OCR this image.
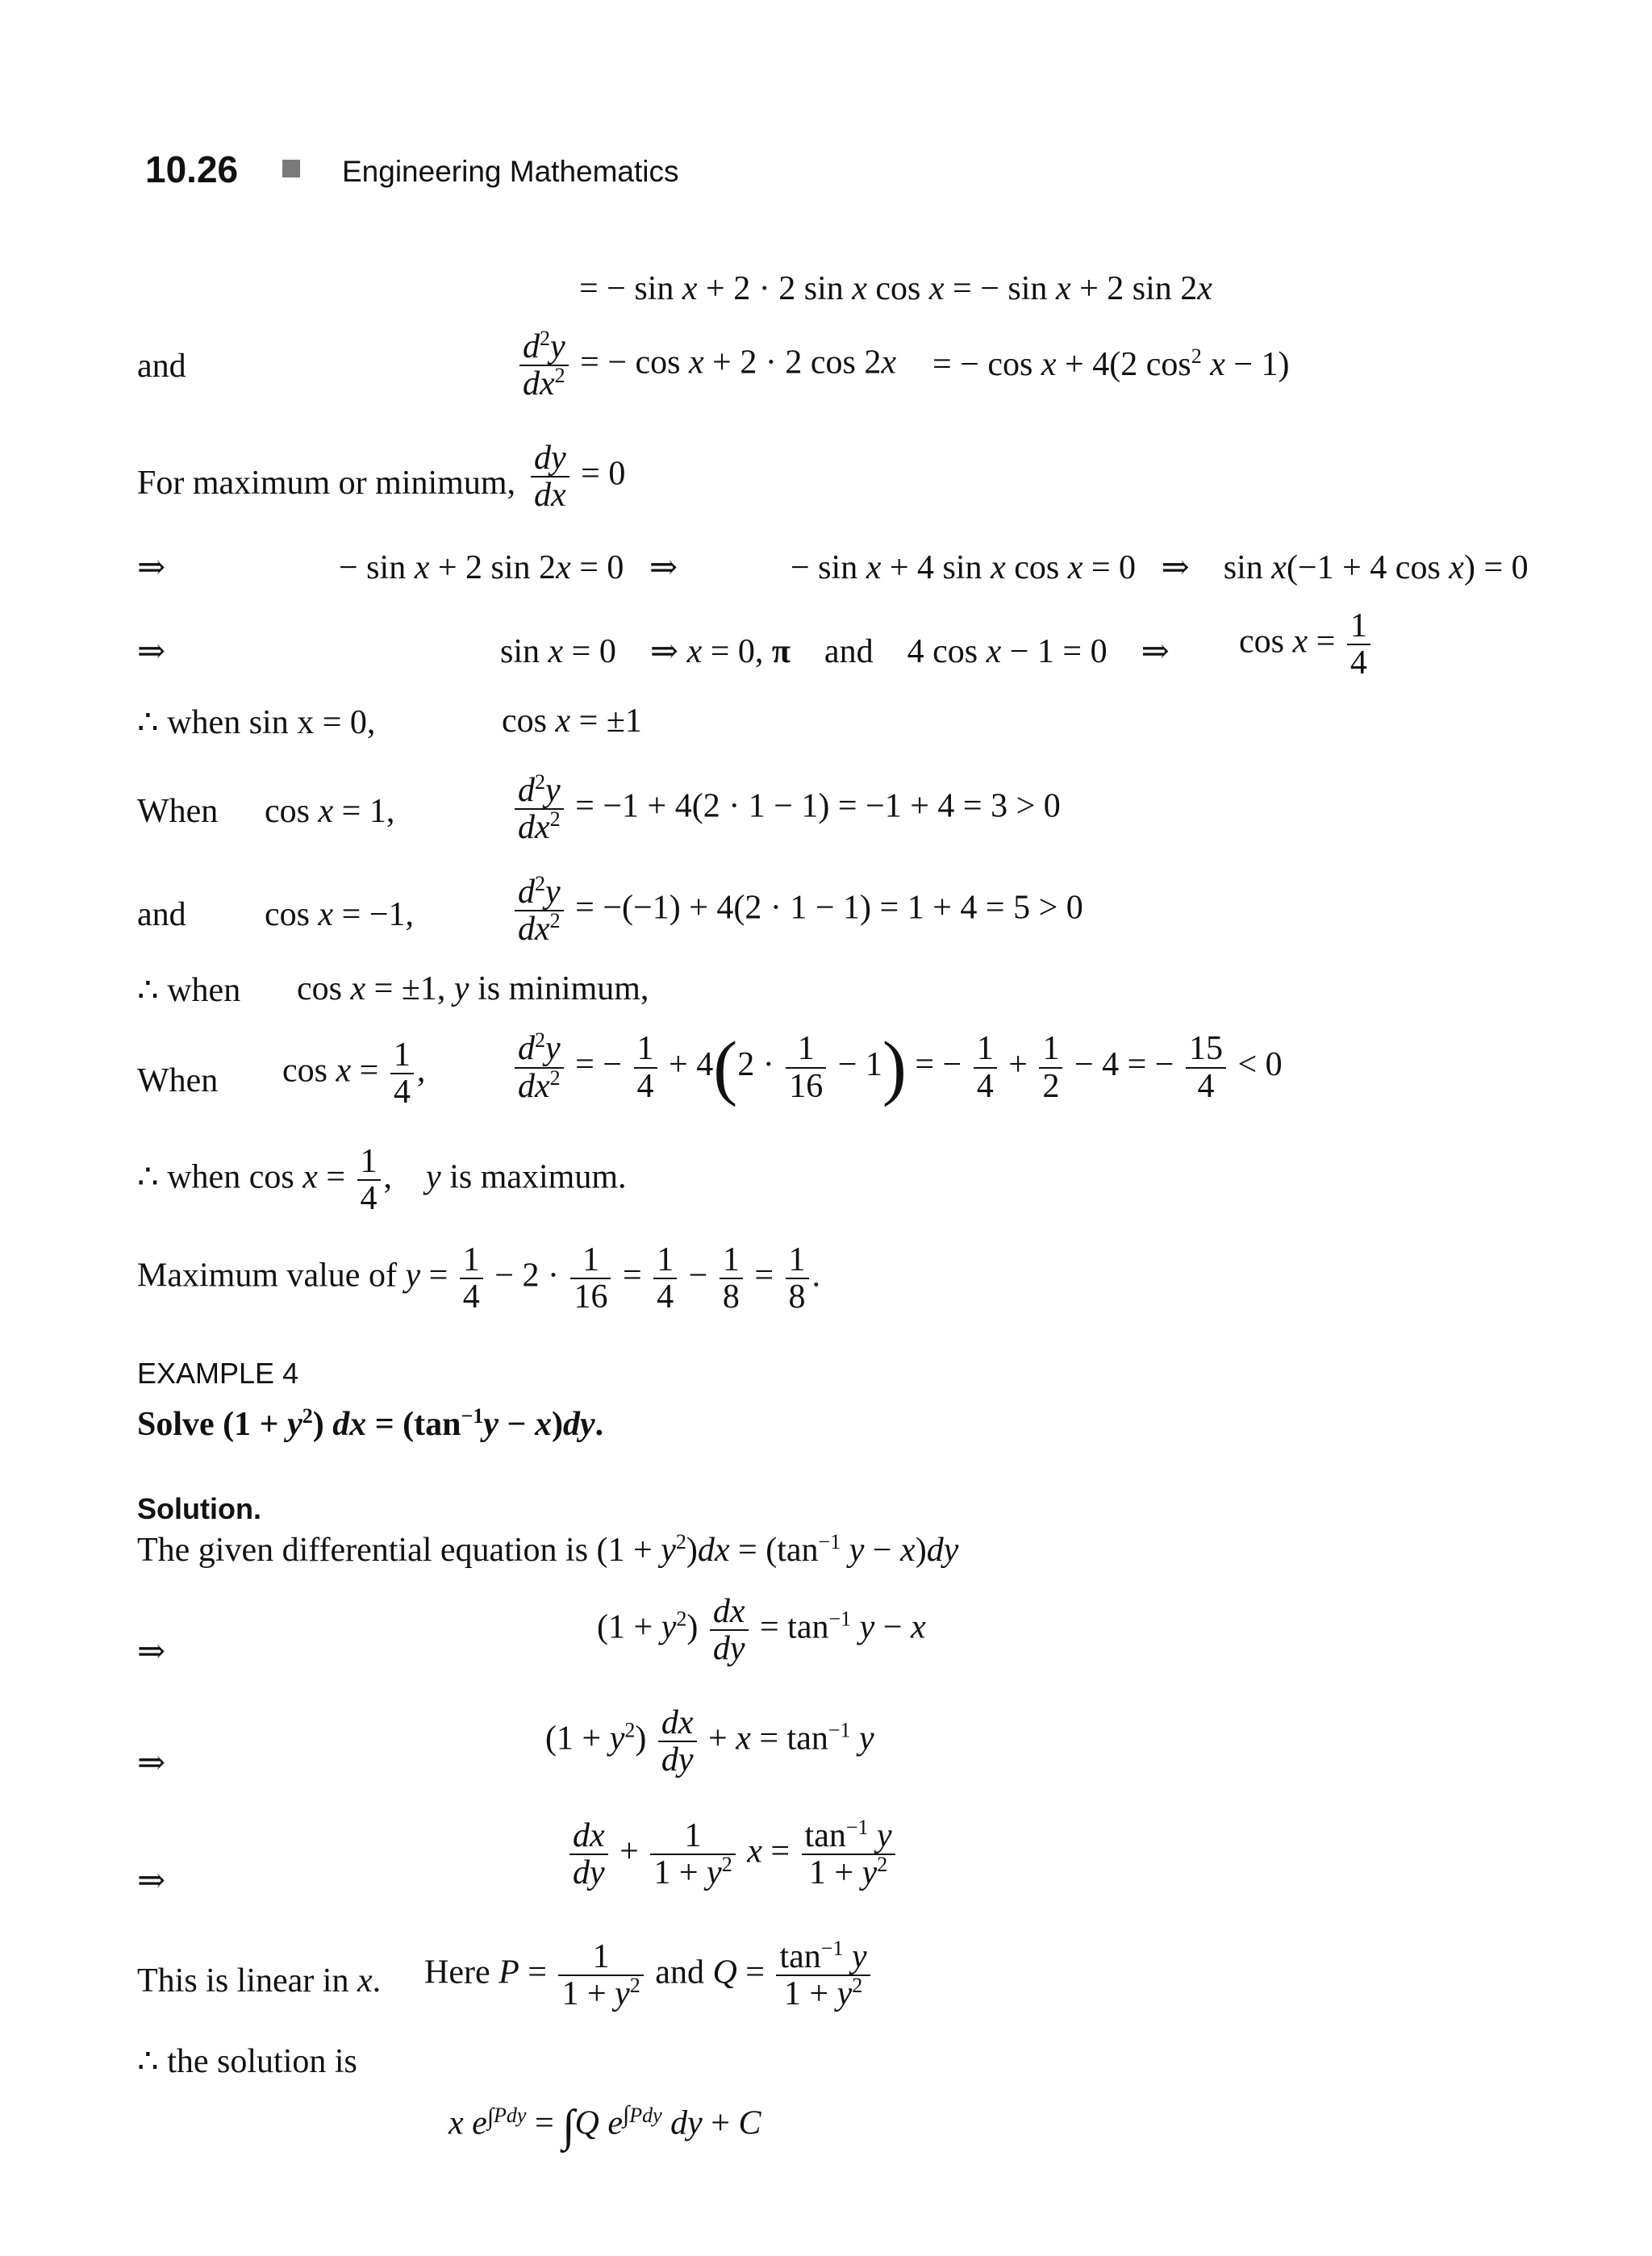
10.26	Engineering Mathematics
= − sin x + 2 · 2 sin x cos x = − sin x + 2 sin 2x
and	$\frac{d^2y}{dx^2}$ = − cos x + 2 · 2 cos 2x = − cos x + 4(2 $\cos^2 x - 1$)
For maximum or minimum, $\frac{dy}{dx} = 0$
⇒	− sin x + 2 sin 2x = 0   ⇒	− sin x + 4 sin x cos x = 0   ⇒    sin x(−1 + 4 cos x) = 0
⇒	sin x = 0    ⇒ x = 0, π    and    4 cos x − 1 = 0    ⇒ $\cos x = \frac{1}{4}$
∴ when sin x = 0,	cos x = ±1
When cos x = 1,	$\frac{d^2y}{dx^2} = -1 + 4(2 \cdot 1 - 1) = -1 + 4 = 3 > 0$
and cos x = −1,	$\frac{d^2y}{dx^2} = -(-1) + 4(2 \cdot 1 - 1) = 1 + 4 = 5 > 0$
∴ when cos x = ±1, y is minimum,
When $\cos x = \frac{1}{4}$ ,	$\frac{d^2y}{dx^2}$ = − $\frac{1}{4} + 4(2 \cdot \frac{1}{16} - 1)$ = − $\frac{1}{4} + \frac{1}{2} - 4$ = − $\frac{15}{4} < 0$
∴ when $\cos x = \frac{1}{4}$ ,    y is maximum.
Maximum value of $y = \frac{1}{4} - 2 \cdot \frac{1}{16} = \frac{1}{4} - \frac{1}{8} = \frac{1}{8}$ .
EXAMPLE 4
Solve $(1 + y^2)$ dx = $(\tan^{-1}y - x)dy$.
Solution.
The given differential equation is $(1 + y^2)dx = (\tan^{-1}$ y − x)dy
⇒
$(1 + y^2) \frac{dx}{dy} = \tan^{-1} y - x$
⇒
$(1 + y^2) \frac{dx}{dy} + x = \tan^{-1} y$
⇒	$\frac{dx}{dy} + \frac{1}{1 + y^2}$ $x = \frac{\tan^{-1} y}{1 + y^2}$
This is linear in x. Here $P = \frac{1}{1 + y^2}$ and $Q = \frac{\tan^{-1} y}{1 + y^2}$
∴ the solution is
x $e^{\int Pdy} = \int Q$ $e^{\int Pdy}$ dy + C
